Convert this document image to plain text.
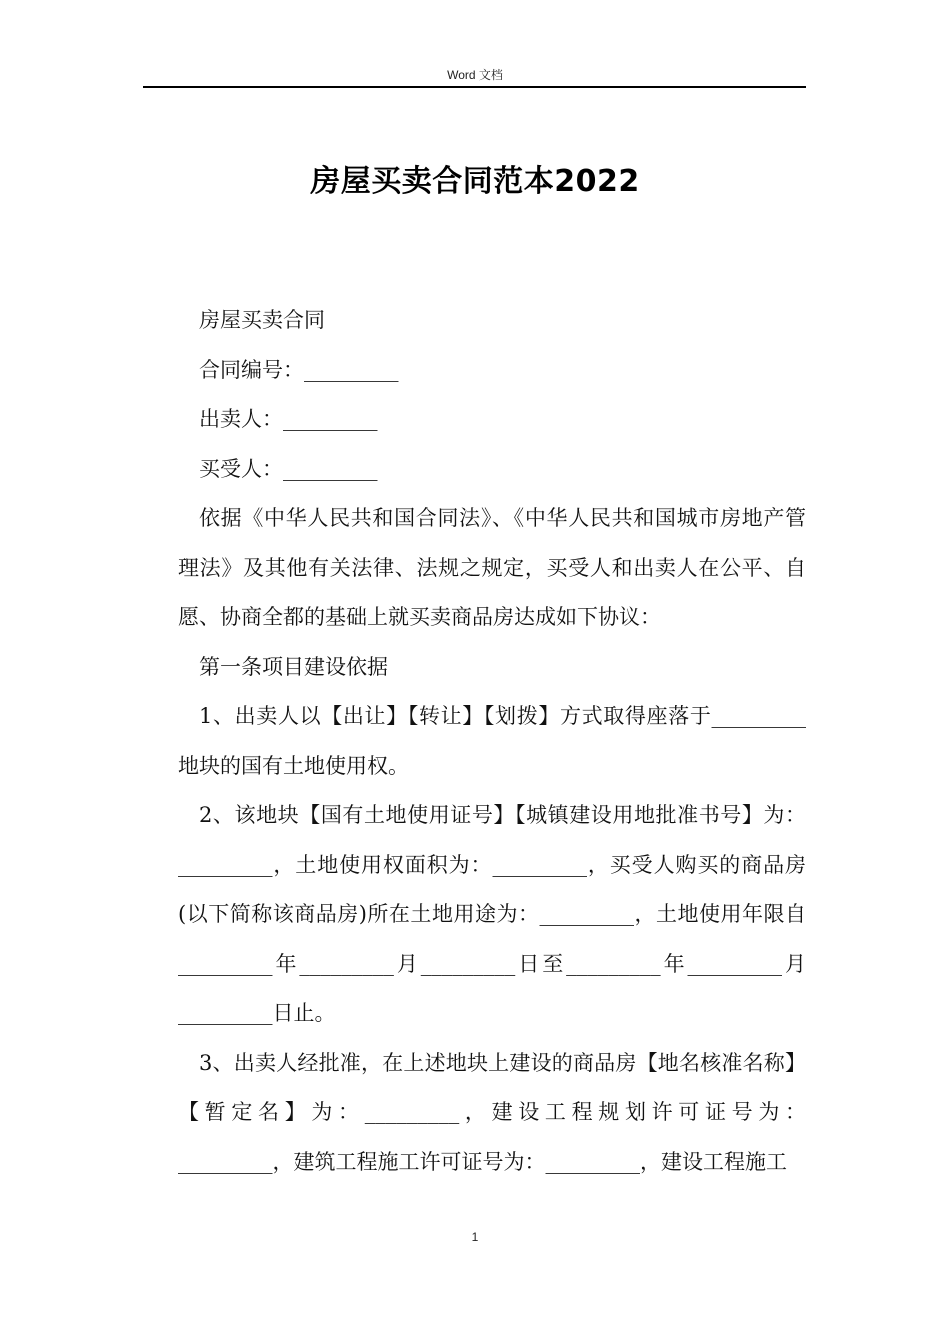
Word 文档
房屋买卖合同范本2022

房屋买卖合同

合同编号：_________

出卖人：_________

买受人：_________

依据《中华人民共和国合同法》、《中华人民共和国城市房地产管理法》及其他有关法律、法规之规定，买受人和出卖人在公平、自愿、协商全都的基础上就买卖商品房达成如下协议：

第一条项目建设依据

1、出卖人以【出让】【转让】【划拨】方式取得座落于_________地块的国有土地使用权。

2、该地块【国有土地使用证号】【城镇建设用地批准书号】为：_________，土地使用权面积为：_________，买受人购买的商品房(以下简称该商品房)所在土地用途为：_________，土地使用年限自_________年_________月_________日至_________年_________月_________日止。

3、出卖人经批准，在上述地块上建设的商品房【地名核准名称】【暂定名】为：_________，建设工程规划许可证号为：_________，建筑工程施工许可证号为：_________，建设工程施工

1
